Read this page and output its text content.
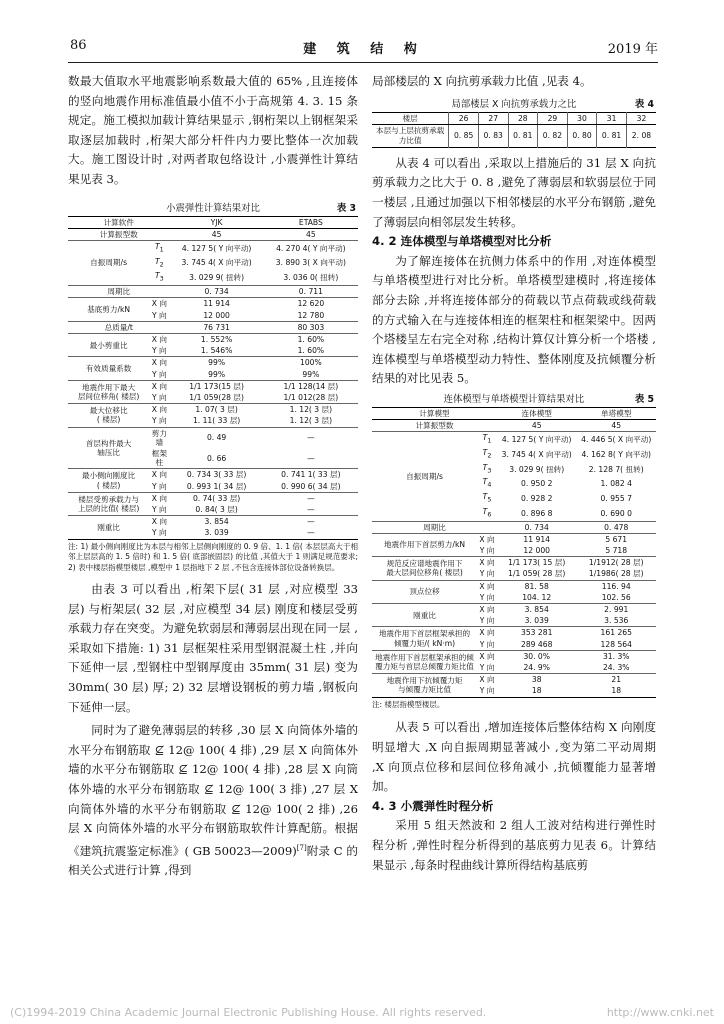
86	建 筑 结 构	2019 年

数最大值取水平地震影响系数最大值的 65% ,且连接体的竖向地震作用标准值最小值不小于高规第 4. 3. 15 条规定。施工模拟加载计算结果显示 ,钢桁架以上钢框架采取逐层加载时 ,桁架大部分杆件内力要比整体一次加载大。施工图设计时 ,对两者取包络设计 ,小震弹性计算结果见表 3。

小震弹性计算结果对比	表 3
计算软件		YJK	ETABS
计算振型数		45	45
自振周期/s	$T_1$	4. 127 5( Y 向平动)	4. 270 4( Y 向平动)
	$T_2$	3. 745 4( X 向平动)	3. 890 3( X 向平动)
	$T_3$	3. 029 9( 扭转)	3. 036 0( 扭转)
周期比		0. 734	0. 711
基底剪力/kN	X 向	11 914	12 620
	Y 向	12 000	12 780
总质量/t		76 731	80 303
最小剪重比	X 向	1. 552%	1. 60%
	Y 向	1. 546%	1. 60%
有效质量系数	X 向	99%	100%
	Y 向	99%	99%
地震作用下最大
层间位移角( 楼层)	X 向	1/1 173(15 层)	1/1 128(14 层)
	Y 向	1/1 059(28 层)	1/1 012(28 层)
最大位移比
( 楼层)	X 向	1. 07( 3 层)	1. 12( 3 层)
	Y 向	1. 11( 33 层)	1. 12( 3 层)
首层构件最大
轴压比	剪力墙	0. 49	—
	框架柱	0. 66	—
最小侧向刚度比
( 楼层)	X 向	0. 734 3( 33 层)	0. 741 1( 33 层)
	Y 向	0. 993 1( 34 层)	0. 990 6( 34 层)
楼层受剪承载力与
上层的比值( 楼层)	X 向	0. 74( 33 层)	—
	Y 向	0. 84( 3 层)	—
刚重比	X 向	3. 854	—
	Y 向	3. 039	—
注: 1) 最小侧向刚度比为本层与相邻上层侧向刚度的 0. 9 倍、1. 1 倍( 本层层高大于相邻上层层高的 1. 5 倍时) 和 1. 5 倍( 底部嵌固层) 的比值 ,其值大于 1 则满足规范要求; 2) 表中楼层指模型楼层 ,模型中 1 层指地下 2 层 ,不包含连接体部位设备转换层。

由表 3 可以看出 ,桁架下层( 31 层 ,对应模型 33 层) 与桁架层( 32 层 ,对应模型 34 层) 刚度和楼层受剪承载力存在突变。为避免软弱层和薄弱层出现在同一层 ,采取如下措施: 1) 31 层框架柱采用型钢混凝土柱 ,并向下延伸一层 ,型钢柱中型钢厚度由 35mm( 31 层) 变为 30mm( 30 层) 厚; 2) 32 层增设钢板的剪力墙 ,钢板向下延伸一层。

同时为了避免薄弱层的转移 ,30 层 X 向筒体外墙的水平分布钢筋取 ⊈ 12@ 100( 4 排) ,29 层 X 向筒体外墙的水平分布钢筋取 ⊈ 12@ 100( 4 排) ,28 层 X 向筒体外墙的水平分布钢筋取 ⊈ 12@ 100( 3 排) ,27 层 X 向筒体外墙的水平分布钢筋取 ⊈ 12@ 100( 2 排) ,26 层 X 向筒体外墙的水平分布钢筋取软件计算配筋。根据《建筑抗震鉴定标准》( GB 50023—2009)[7]附录 C 的相关公式进行计算 ,得到

局部楼层的 X 向抗剪承载力比值 ,见表 4。

局部楼层 X 向抗剪承载力之比	表 4
楼层	26	27	28	29	30	31	32
本层与上层抗剪承载力比值	0. 85	0. 83	0. 81	0. 82	0. 80	0. 81	2. 08

从表 4 可以看出 ,采取以上措施后的 31 层 X 向抗剪承载力之比大于 0. 8 ,避免了薄弱层和软弱层位于同一楼层 ,且通过加强以下相邻楼层的水平分布钢筋 ,避免了薄弱层向相邻层发生转移。

4. 2 连体模型与单塔模型对比分析

为了解连接体在抗侧力体系中的作用 ,对连体模型与单塔模型进行对比分析。单塔模型建模时 ,将连接体部分去除 ,并将连接体部分的荷载以节点荷载或线荷载的方式输入在与连接体相连的框架柱和框架梁中。因两个塔楼呈左右完全对称 ,结构计算仅计算分析一个塔楼 ,连体模型与单塔模型动力特性、整体刚度及抗倾覆分析结果的对比见表 5。

连体模型与单塔模型计算结果对比	表 5
计算模型		连体模型	单塔模型
计算振型数		45	45
自振周期/s	$T_1$	4. 127 5( Y 向平动)	4. 446 5( X 向平动)
	$T_2$	3. 745 4( X 向平动)	4. 162 8( Y 向平动)
	$T_3$	3. 029 9( 扭转)	2. 128 7( 扭转)
	$T_4$	0. 950 2	1. 082 4
	$T_5$	0. 928 2	0. 955 7
	$T_6$	0. 896 8	0. 690 0
周期比		0. 734	0. 478
地震作用下首层剪力/kN	X 向	11 914	5 671
	Y 向	12 000	5 718
规范反应谱地震作用下
最大层间位移角( 楼层)	X 向	1/1 173( 15 层)	1/1912( 28 层)
	Y 向	1/1 059( 28 层)	1/1986( 28 层)
顶点位移	X 向	81. 58	116. 94
	Y 向	104. 12	102. 56
刚重比	X 向	3. 854	2. 991
	Y 向	3. 039	3. 536
地震作用下首层框架承担的
倾覆力矩/( kN·m)	X 向	353 281	161 265
	Y 向	289 468	128 564
地震作用下首层框架承担的倾
覆力矩与首层总倾覆力矩比值	X 向	30. 0%	31. 3%
	Y 向	24. 9%	24. 3%
地震作用下抗倾覆力矩
与倾覆力矩比值	X 向	38	21
	Y 向	18	18
注: 楼层指模型楼层。

从表 5 可以看出 ,增加连接体后整体结构 X 向刚度明显增大 ,X 向自振周期显著减小 ,变为第二平动周期 ,X 向顶点位移和层间位移角减小 ,抗倾覆能力显著增加。

4. 3 小震弹性时程分析

采用 5 组天然波和 2 组人工波对结构进行弹性时程分析 ,弹性时程分析得到的基底剪力见表 6。计算结果显示 ,每条时程曲线计算所得结构基底剪

(C)1994-2019 China Academic Journal Electronic Publishing House. All rights reserved.	http://www.cnki.net
